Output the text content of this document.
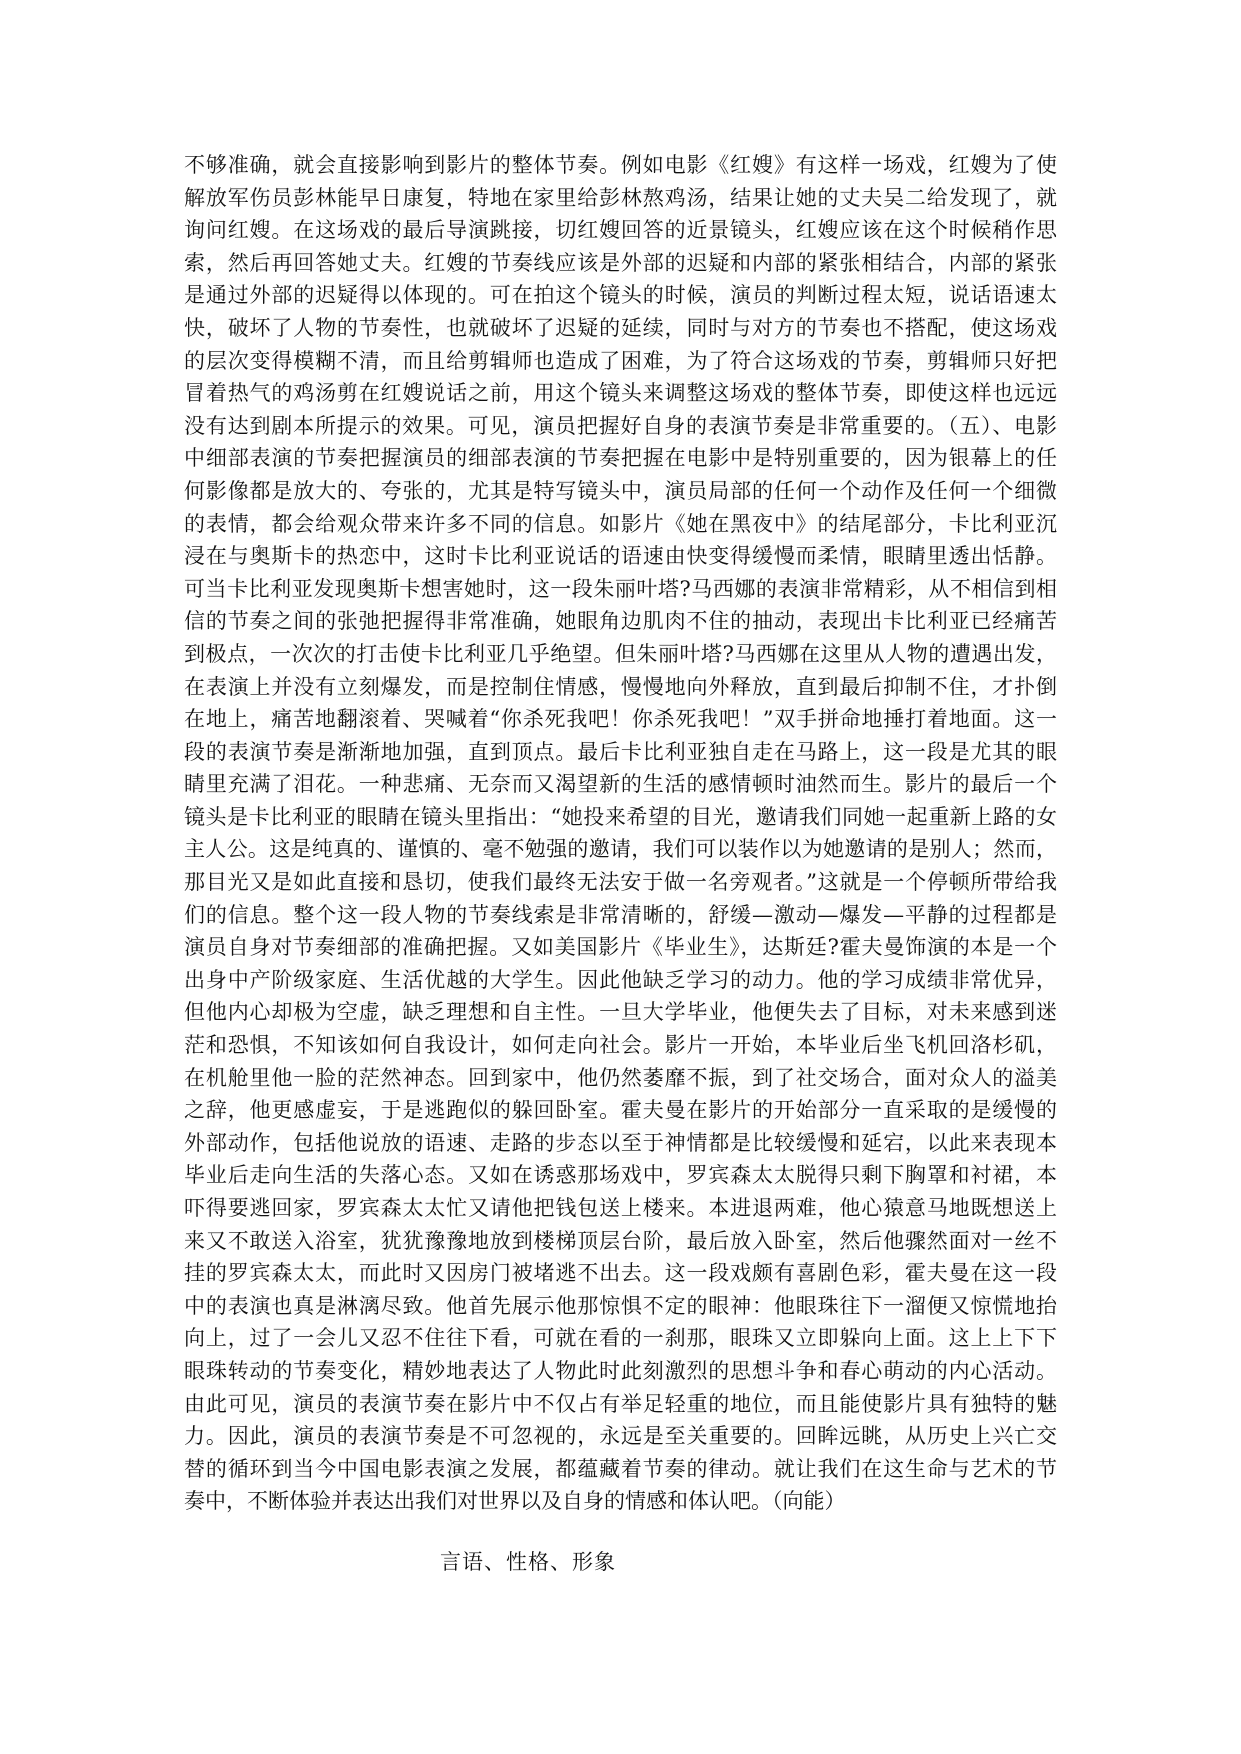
不够准确，就会直接影响到影片的整体节奏。例如电影《红嫂》有这样一场戏，红嫂为了使
解放军伤员彭林能早日康复，特地在家里给彭林熬鸡汤，结果让她的丈夫吴二给发现了，就
询问红嫂。在这场戏的最后导演跳接，切红嫂回答的近景镜头，红嫂应该在这个时候稍作思
索，然后再回答她丈夫。红嫂的节奏线应该是外部的迟疑和内部的紧张相结合，内部的紧张
是通过外部的迟疑得以体现的。可在拍这个镜头的时候，演员的判断过程太短，说话语速太
快，破坏了人物的节奏性，也就破坏了迟疑的延续，同时与对方的节奏也不搭配，使这场戏
的层次变得模糊不清，而且给剪辑师也造成了困难，为了符合这场戏的节奏，剪辑师只好把
冒着热气的鸡汤剪在红嫂说话之前，用这个镜头来调整这场戏的整体节奏，即使这样也远远
没有达到剧本所提示的效果。可见，演员把握好自身的表演节奏是非常重要的。（五）、电影
中细部表演的节奏把握演员的细部表演的节奏把握在电影中是特别重要的，因为银幕上的任
何影像都是放大的、夸张的，尤其是特写镜头中，演员局部的任何一个动作及任何一个细微
的表情，都会给观众带来许多不同的信息。如影片《她在黑夜中》的结尾部分，卡比利亚沉
浸在与奥斯卡的热恋中，这时卡比利亚说话的语速由快变得缓慢而柔情，眼睛里透出恬静。
可当卡比利亚发现奥斯卡想害她时，这一段朱丽叶塔?马西娜的表演非常精彩，从不相信到相
信的节奏之间的张弛把握得非常准确，她眼角边肌肉不住的抽动，表现出卡比利亚已经痛苦
到极点，一次次的打击使卡比利亚几乎绝望。但朱丽叶塔?马西娜在这里从人物的遭遇出发，
在表演上并没有立刻爆发，而是控制住情感，慢慢地向外释放，直到最后抑制不住，才扑倒
在地上，痛苦地翻滚着、哭喊着“你杀死我吧！你杀死我吧！”双手拼命地捶打着地面。这一
段的表演节奏是渐渐地加强，直到顶点。最后卡比利亚独自走在马路上，这一段是尤其的眼
睛里充满了泪花。一种悲痛、无奈而又渴望新的生活的感情顿时油然而生。影片的最后一个
镜头是卡比利亚的眼睛在镜头里指出：“她投来希望的目光，邀请我们同她一起重新上路的女
主人公。这是纯真的、谨慎的、毫不勉强的邀请，我们可以装作以为她邀请的是别人；然而，
那目光又是如此直接和恳切，使我们最终无法安于做一名旁观者。”这就是一个停顿所带给我
们的信息。整个这一段人物的节奏线索是非常清晰的，舒缓—激动—爆发—平静的过程都是
演员自身对节奏细部的准确把握。又如美国影片《毕业生》，达斯廷?霍夫曼饰演的本是一个
出身中产阶级家庭、生活优越的大学生。因此他缺乏学习的动力。他的学习成绩非常优异，
但他内心却极为空虚，缺乏理想和自主性。一旦大学毕业，他便失去了目标，对未来感到迷
茫和恐惧，不知该如何自我设计，如何走向社会。影片一开始，本毕业后坐飞机回洛杉矶，
在机舱里他一脸的茫然神态。回到家中，他仍然萎靡不振，到了社交场合，面对众人的溢美
之辞，他更感虚妄，于是逃跑似的躲回卧室。霍夫曼在影片的开始部分一直采取的是缓慢的
外部动作，包括他说放的语速、走路的步态以至于神情都是比较缓慢和延宕，以此来表现本
毕业后走向生活的失落心态。又如在诱惑那场戏中，罗宾森太太脱得只剩下胸罩和衬裙，本
吓得要逃回家，罗宾森太太忙又请他把钱包送上楼来。本进退两难，他心猿意马地既想送上
来又不敢送入浴室，犹犹豫豫地放到楼梯顶层台阶，最后放入卧室，然后他骤然面对一丝不
挂的罗宾森太太，而此时又因房门被堵逃不出去。这一段戏颇有喜剧色彩，霍夫曼在这一段
中的表演也真是淋漓尽致。他首先展示他那惊惧不定的眼神：他眼珠往下一溜便又惊慌地抬
向上，过了一会儿又忍不住往下看，可就在看的一刹那，眼珠又立即躲向上面。这上上下下
眼珠转动的节奏变化，精妙地表达了人物此时此刻激烈的思想斗争和春心萌动的内心活动。
由此可见，演员的表演节奏在影片中不仅占有举足轻重的地位，而且能使影片具有独特的魅
力。因此，演员的表演节奏是不可忽视的，永远是至关重要的。回眸远眺，从历史上兴亡交
替的循环到当今中国电影表演之发展，都蕴藏着节奏的律动。就让我们在这生命与艺术的节
奏中，不断体验并表达出我们对世界以及自身的情感和体认吧。（向能）
言语、性格、形象
